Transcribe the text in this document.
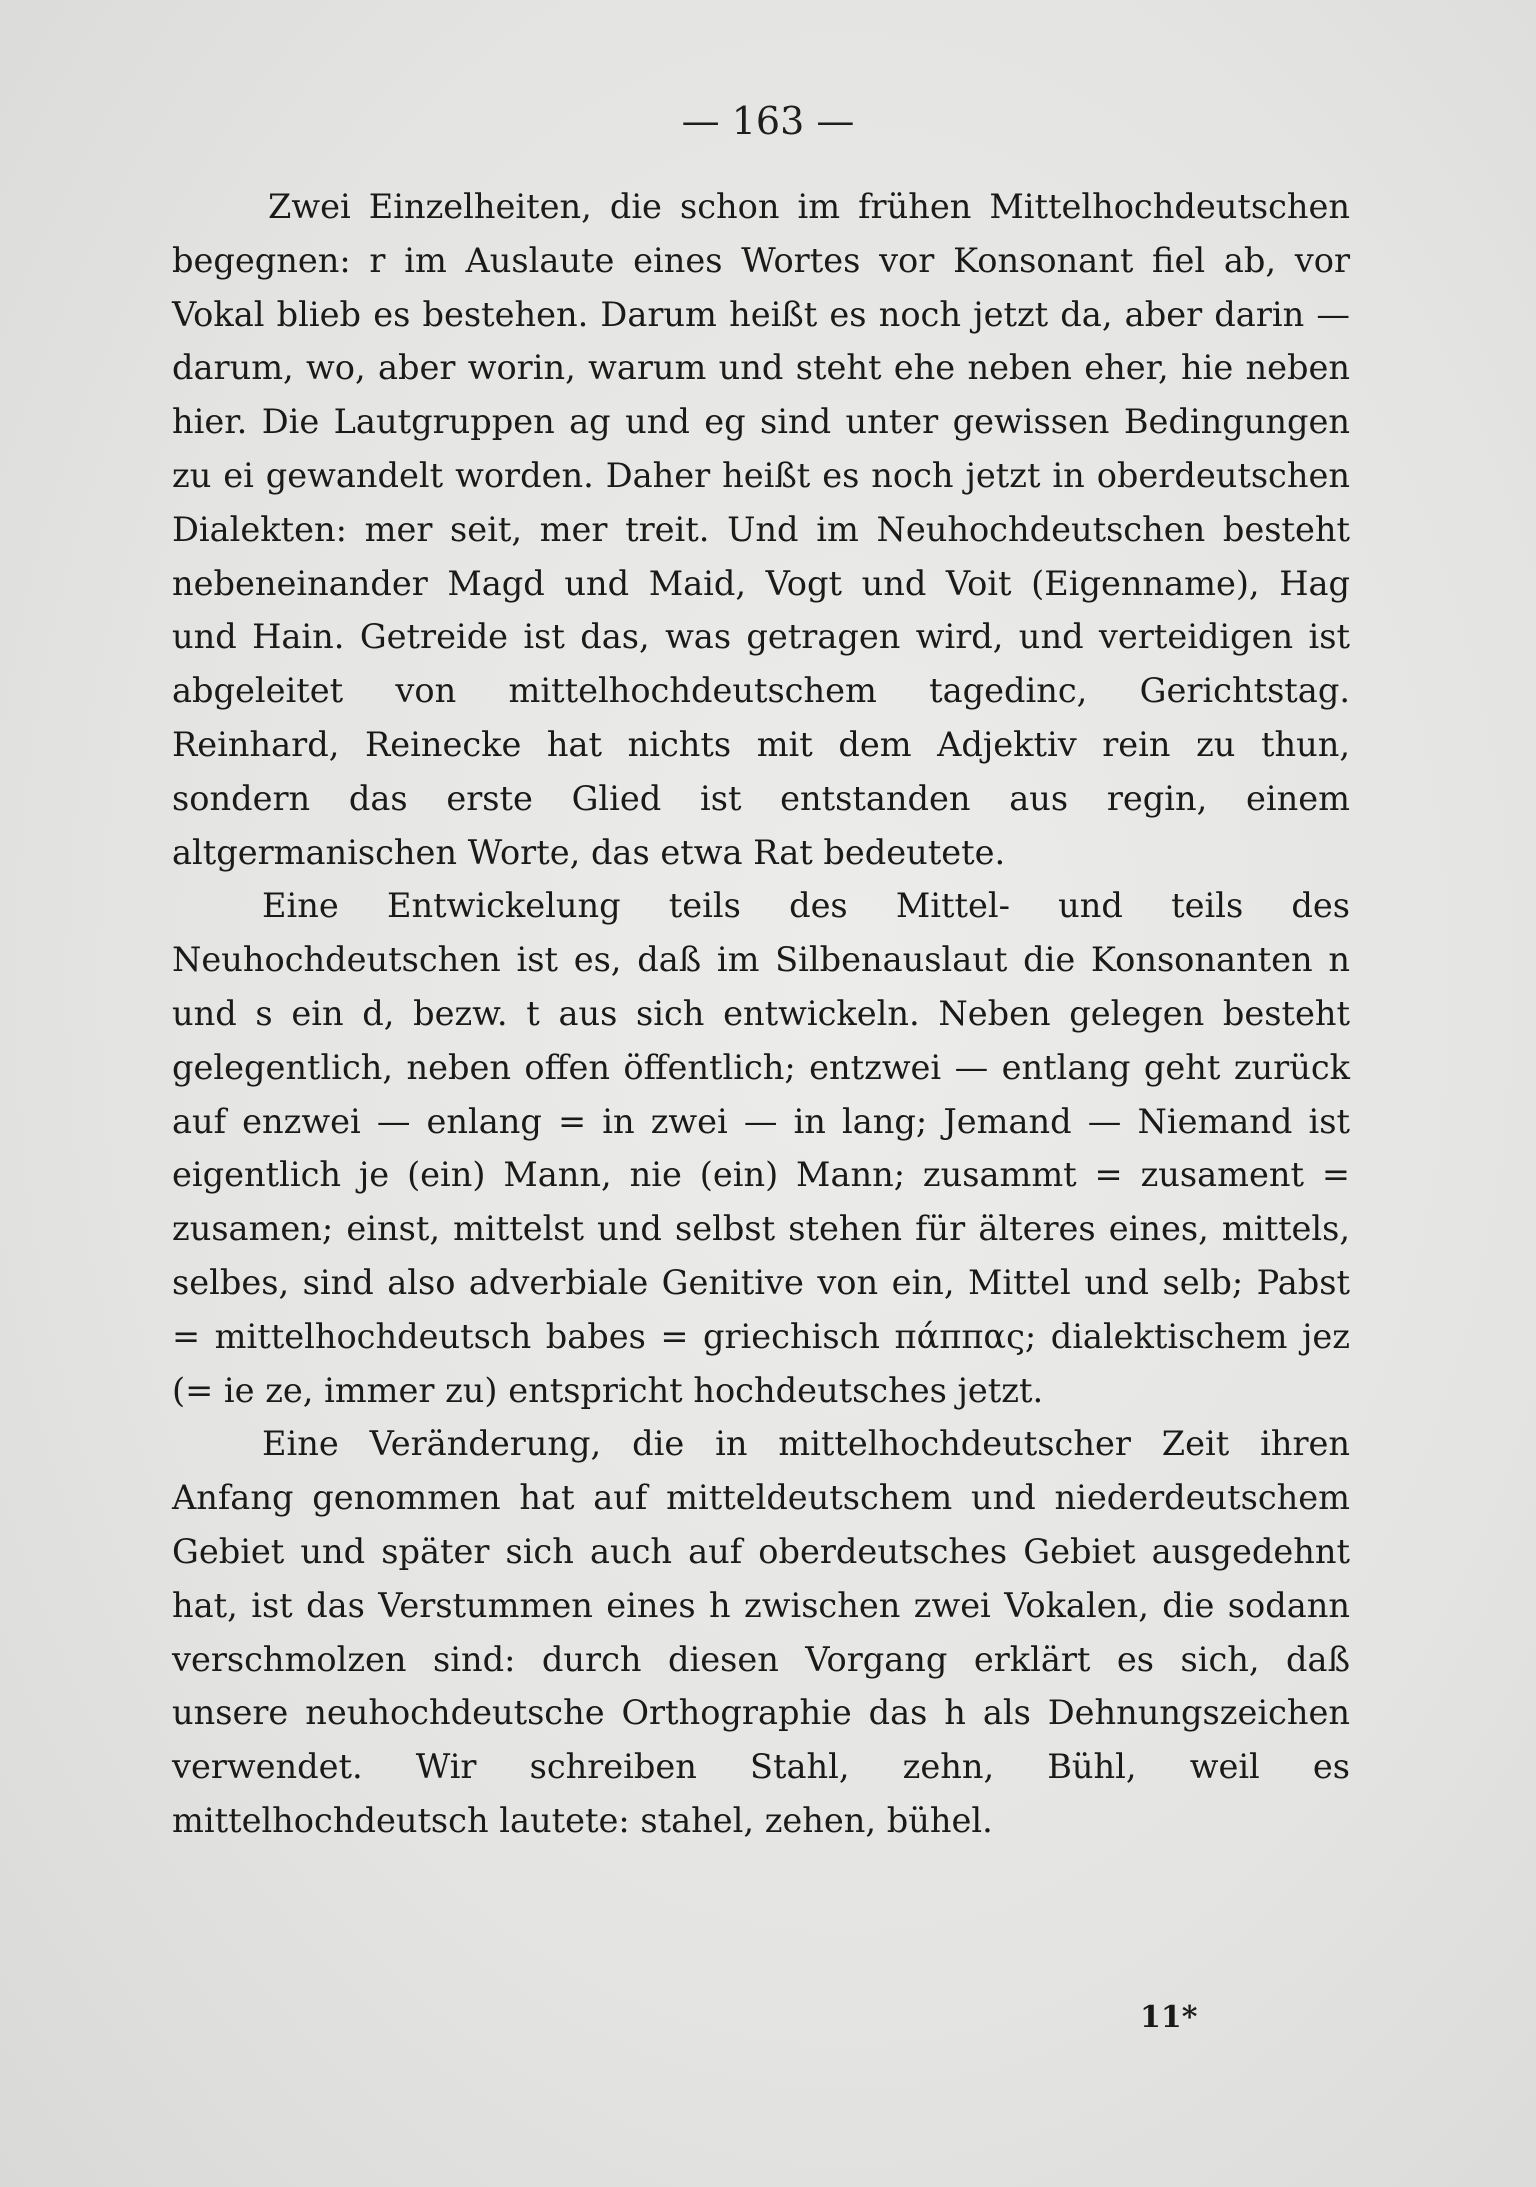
— 163 —

Zwei Einzelheiten, die schon im frühen Mittelhochdeutschen begegnen: r im Auslaute eines Wortes vor Konsonant fiel ab, vor Vokal blieb es bestehen. Darum heißt es noch jetzt da, aber darin — darum, wo, aber worin, warum und steht ehe neben eher, hie neben hier. Die Lautgruppen ag und eg sind unter gewissen Bedingungen zu ei gewandelt worden. Daher heißt es noch jetzt in oberdeutschen Dialekten: mer seit, mer treit. Und im Neuhochdeutschen besteht nebeneinander Magd und Maid, Vogt und Voit (Eigenname), Hag und Hain. Getreide ist das, was getragen wird, und verteidigen ist abgeleitet von mittelhochdeutschem tagedinc, Gerichtstag. Reinhard, Reinecke hat nichts mit dem Adjektiv rein zu thun, sondern das erste Glied ist entstanden aus regin, einem altgermanischen Worte, das etwa Rat bedeutete.

Eine Entwickelung teils des Mittel- und teils des Neuhochdeutschen ist es, daß im Silbenauslaut die Konsonanten n und s ein d, bezw. t aus sich entwickeln. Neben gelegen besteht gelegentlich, neben offen öffentlich; entzwei — entlang geht zurück auf enzwei — enlang = in zwei — in lang; Jemand — Niemand ist eigentlich je (ein) Mann, nie (ein) Mann; zusammt = zusament = zusamen; einst, mittelst und selbst stehen für älteres eines, mittels, selbes, sind also adverbiale Genitive von ein, Mittel und selb; Pabst = mittelhochdeutsch babes = griechisch πάππας; dialektischem jez (= ie ze, immer zu) entspricht hochdeutsches jetzt.

Eine Veränderung, die in mittelhochdeutscher Zeit ihren Anfang genommen hat auf mitteldeutschem und niederdeutschem Gebiet und später sich auch auf oberdeutsches Gebiet ausgedehnt hat, ist das Verstummen eines h zwischen zwei Vokalen, die sodann verschmolzen sind: durch diesen Vorgang erklärt es sich, daß unsere neuhochdeutsche Orthographie das h als Dehnungszeichen verwendet. Wir schreiben Stahl, zehn, Bühl, weil es mittelhochdeutsch lautete: stahel, zehen, bühel.

11*
